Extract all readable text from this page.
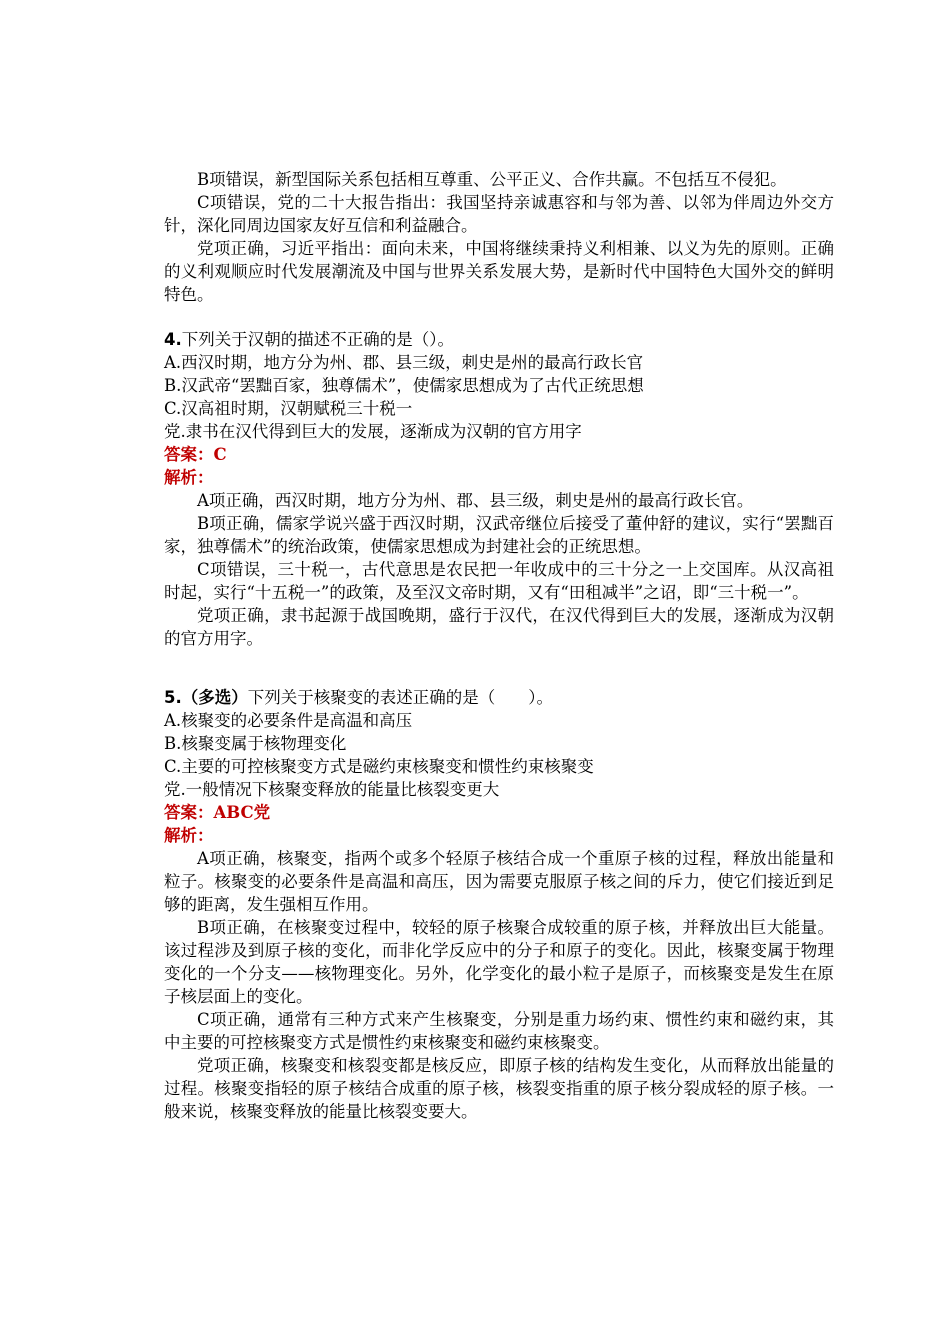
B项错误，新型国际关系包括相互尊重、公平正义、合作共赢。不包括互不侵犯。

C项错误，党的二十大报告指出：我国坚持亲诚惠容和与邻为善、以邻为伴周边外交方针，深化同周边国家友好互信和利益融合。

党项正确，习近平指出：面向未来，中国将继续秉持义利相兼、以义为先的原则。正确的义利观顺应时代发展潮流及中国与世界关系发展大势，是新时代中国特色大国外交的鲜明特色。

4.下列关于汉朝的描述不正确的是（）。

A.西汉时期，地方分为州、郡、县三级，刺史是州的最高行政长官

B.汉武帝“罢黜百家，独尊儒术”，使儒家思想成为了古代正统思想

C.汉高祖时期，汉朝赋税三十税一

党.隶书在汉代得到巨大的发展，逐渐成为汉朝的官方用字

答案：C

解析：

A项正确，西汉时期，地方分为州、郡、县三级，刺史是州的最高行政长官。

B项正确，儒家学说兴盛于西汉时期，汉武帝继位后接受了董仲舒的建议，实行“罢黜百家，独尊儒术”的统治政策，使儒家思想成为封建社会的正统思想。

C项错误，三十税一，古代意思是农民把一年收成中的三十分之一上交国库。从汉高祖时起，实行“十五税一”的政策，及至汉文帝时期，又有“田租减半”之诏，即“三十税一”。

党项正确，隶书起源于战国晚期，盛行于汉代，在汉代得到巨大的发展，逐渐成为汉朝的官方用字。

5.（多选）下列关于核聚变的表述正确的是（　　）。

A.核聚变的必要条件是高温和高压

B.核聚变属于核物理变化

C.主要的可控核聚变方式是磁约束核聚变和惯性约束核聚变

党.一般情况下核聚变释放的能量比核裂变更大

答案：ABC党

解析：

A项正确，核聚变，指两个或多个轻原子核结合成一个重原子核的过程，释放出能量和粒子。核聚变的必要条件是高温和高压，因为需要克服原子核之间的斥力，使它们接近到足够的距离，发生强相互作用。

B项正确，在核聚变过程中，较轻的原子核聚合成较重的原子核，并释放出巨大能量。该过程涉及到原子核的变化，而非化学反应中的分子和原子的变化。因此，核聚变属于物理变化的一个分支——核物理变化。另外，化学变化的最小粒子是原子，而核聚变是发生在原子核层面上的变化。

C项正确，通常有三种方式来产生核聚变，分别是重力场约束、惯性约束和磁约束，其中主要的可控核聚变方式是惯性约束核聚变和磁约束核聚变。

党项正确，核聚变和核裂变都是核反应，即原子核的结构发生变化，从而释放出能量的过程。核聚变指轻的原子核结合成重的原子核，核裂变指重的原子核分裂成轻的原子核。一般来说，核聚变释放的能量比核裂变要大。
